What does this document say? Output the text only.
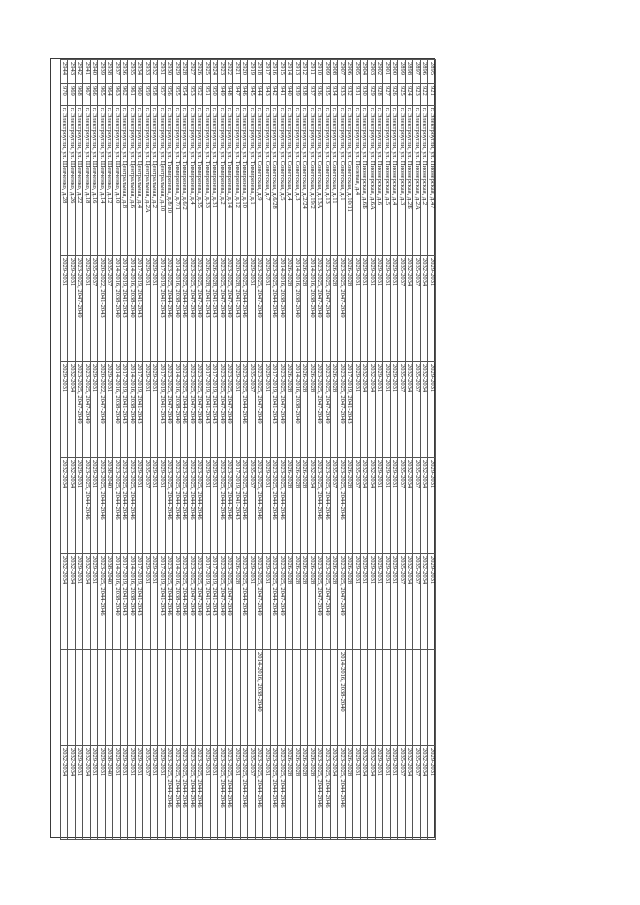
2895	921	г. Электроугли, ул. Пионерская, д.47	2029-2031	2029-2031	2029-2031	2029-2031		2029-2031
2896	922	г. Электроугли, ул. Пионерская, д.2	2032-2034	2032-2034	2032-2034	2032-2034		2032-2034
2897	923	г. Электроугли, ул. Пионерская, д.2А	2035-2037	2035-2037	2035-2037	2035-2037		2035-2037
2898	924	г. Электроугли, ул. Пионерская, д.2Б	2032-2034	2032-2034	2032-2034	2032-2034		2032-2034
2899	925	г. Электроугли, ул. Пионерская, д.3	2035-2037	2035-2037	2035-2037	2035-2037		2035-2037
2900	926	г. Электроугли, ул. Пионерская, д.4	2029-2031	2029-2031	2029-2031	2029-2031		2029-2031
2901	927	г. Электроугли, ул. Пионерская, д.5	2029-2031	2029-2031	2029-2031	2029-2031		2029-2031
2902	928	г. Электроугли, ул. Пионерская, д.6	2029-2031	2029-2031	2029-2031	2029-2031		2029-2031
2903	929	г. Электроугли, ул. Пионерская, д.6А	2029-2031	2032-2034	2032-2034	2029-2031		2032-2034
2904	930	г. Электроугли, ул. Пионерская, д.6Б	2029-2031	2032-2034	2032-2034	2029-2031		2032-2034
2905	931	г. Электроугли, ул. Полевая, д.4	2029-2031	2029-2031	2035-2037	2029-2031		2029-2031
2906	932	г. Электроугли, ул. Советская, д.10/11	2026-2028	2017-2019, 2041-2043	2026-2028	2026-2028		2026-2028
2907	933	г. Электроугли, ул. Советская, д.1	2023-2025, 2047-2049	2023-2025, 2047-2049	2023-2025, 2044-2046	2023-2025, 2047-2049	2014-2016, 2038-2040	2023-2025, 2044-2046
2908	934	г. Электроугли, ул. Советская, д.11	2026-2028	2026-2028	2035-2037	2026-2028		2032-2034
2909	935	г. Электроугли, ул. Советская, д.13	2023-2025, 2047-2049	2023-2025, 2047-2049	2023-2025, 2044-2046	2023-2025, 2047-2049		2023-2025, 2044-2046
2910	936	г. Электроугли, ул. Советская, д.13А	2023-2025, 2047-2049	2023-2025, 2047-2049	2023-2025, 2044-2046	2023-2025, 2047-2049		2023-2025, 2044-2046
2911	937	г. Электроугли, ул. Советская, д.19/2	2014-2016, 2038-2040	2026-2028	2032-2034	2026-2028		2026-2028
2912	938	г. Электроугли, ул. Советская, д.2/24	2026-2028	2026-2028	2026-2028	2026-2028		2026-2028
2913	939	г. Электроугли, ул. Советская, д.3	2014-2016, 2038-2040	2014-2016, 2038-2040	2026-2028	2026-2028		2026-2028
2914	940	г. Электроугли, ул. Советская, д.4	2026-2028	2026-2028	2026-2028	2026-2028		2026-2028
2915	941	г. Электроугли, ул. Советская, д.5	2014-2016, 2038-2040	2023-2025, 2047-2049	2023-2025, 2044-2046	2023-2025, 2047-2049		2023-2025, 2044-2046
2916	942	г. Электроугли, ул. Советская, д.6/28	2023-2025, 2044-2046	2017-2019, 2041-2043	2023-2025, 2044-2046	2023-2025, 2044-2046		2023-2025, 2044-2046
2917	943	г. Электроугли, ул. Советская, д.7	2029-2031	2029-2031	2029-2031	2029-2031		2029-2031
2918	944	г. Электроугли, ул. Советская, д.9	2023-2025, 2047-2049	2023-2025, 2047-2049	2023-2025, 2044-2046	2023-2025, 2047-2049	2014-2016, 2038-2040	2023-2025, 2044-2046
2919	945	г. Электроугли, ул. Тимирязева, д.1	2029-2031	2035-2037	2035-2037	2029-2031		2035-2037
2920	946	г. Электроугли, ул. Тимирязева, д.10	2023-2025, 2044-2046	2023-2025, 2044-2046	2023-2025, 2044-2046	2023-2025, 2044-2046		2023-2025, 2044-2046
2921	947	г. Электроугли, ул. Тимирязева, д.12	2020-2028, 2041-2043	2029-2031	2017-2019, 2041-2043	2026-2028		2029-2031
2922	948	г. Электроугли, ул. Тимирязева, д.14	2023-2025, 2047-2049	2023-2025, 2047-2049	2023-2025, 2044-2046	2023-2025, 2047-2049		2023-2025, 2044-2046
2923	949	г. Электроугли, ул. Тимирязева, д.2	2023-2025, 2047-2049	2023-2025, 2047-2049	2023-2025, 2044-2046	2023-2025, 2047-2049		2023-2025, 2044-2046
2924	950	г. Электроугли, ул. Тимирязева, д.31	2026-2028, 2041-2043	2017-2019, 2041-2043	2029-2031	2017-2019, 2041-2043		2029-2031
2925	951	г. Электроугли, ул. Тимирязева, д.33	2026-2028, 2041-2043	2017-2019, 2041-2043	2029-2031	2017-2019, 2041-2043		2029-2031
2926	952	г. Электроугли, ул. Тимирязева, д.35	2023-2025, 2047-2049	2023-2025, 2047-2049	2023-2025, 2044-2046	2023-2025, 2047-2049		2023-2025, 2044-2046
2927	953	г. Электроугли, ул. Тимирязева, д.4	2023-2025, 2047-2049	2023-2025, 2047-2049	2023-2025, 2044-2046	2023-2025, 2047-2049		2023-2025, 2044-2046
2928	954	г. Электроугли, ул. Тимирязева, д.6/2	2023-2025, 2044-2046	2023-2025, 2044-2046	2023-2025, 2044-2046	2023-2025, 2044-2046		2023-2025, 2044-2046
2929	955	г. Электроугли, ул. Тимирязева, д.7/1	2014-2016, 2038-2040	2014-2016, 2038-2040	2023-2025, 2044-2046	2014-2016, 2038-2040		2023-2025, 2044-2046
2930	956	г. Электроугли, ул. Тимирязева, д.8/10	2023-2025, 2044-2046	2023-2025, 2047-2049	2023-2025, 2044-2046	2023-2025, 2044-2046		2023-2025, 2044-2046
2931	957	г. Электроугли, ул. Центральная, д.10	2017-2019, 2041-2043	2017-2019, 2041-2043	2029-2031	2017-2019, 2041-2043		2029-2031
2932	958	г. Электроугли, ул. Центральная, д.2	2029-2031	2029-2031	2029-2031	2029-2031		2029-2031
2933	959	г. Электроугли, ул. Центральная, д.2А	2029-2031	2029-2031	2035-2037	2029-2031		2035-2037
2934	960	г. Электроугли, ул. Центральная, д.4	2017-2019, 2041-2043	2017-2019, 2041-2043	2029-2031	2017-2019, 2041-2043		2029-2031
2935	961	г. Электроугли, ул. Центральная, д.6	2014-2016, 2038-2040	2014-2016, 2038-2040	2023-2025, 2044-2046	2014-2016, 2038-2040		2029-2031
2936	962	г. Электроугли, ул. Центральная, д.8	2017-2019, 2041-2043	2017-2019, 2041-2043	2023-2025, 2044-2046	2017-2019, 2041-2043		2029-2031
2937	963	г. Электроугли, ул. Шевченко, д.10	2014-2016, 2038-2040	2014-2016, 2038-2040	2023-2025, 2044-2046	2014-2016, 2038-2040		2029-2031
2938	964	г. Электроугли, ул. Шевченко, д.12	2035-2037	2029-2031	2038-2040	2038-2040		2038-2040
2939	965	г. Электроугли, ул. Шевченко, д.14	2020-2022, 2041-2043	2020-2022, 2047-2049	2023-2025, 2044-2046	2023-2025, 2044-2046		2029-2031
2940	966	г. Электроугли, ул. Шевченко, д.16	2035-2037	2029-2031	2029-2031	2029-2031		2029-2031
2941	967	г. Электроугли, ул. Шевченко, д.18	2029-2031	2023-2025, 2047-2049	2023-2025, 2044-2046	2032-2034		2032-2034
2942	968	г. Электроугли, ул. Шевченко, д.22	2023-2025, 2047-2049	2023-2025, 2047-2049	2029-2031	2029-2031		2029-2031
2943	969	г. Электроугли, ул. Шевченко, д.26	2029-2031	2032-2034	2032-2034	2032-2034		2032-2034
2944	970	г. Электроугли, ул. Шевченко, д.28	2029-2031	2029-2031	2032-2034	2032-2034		2032-2034
